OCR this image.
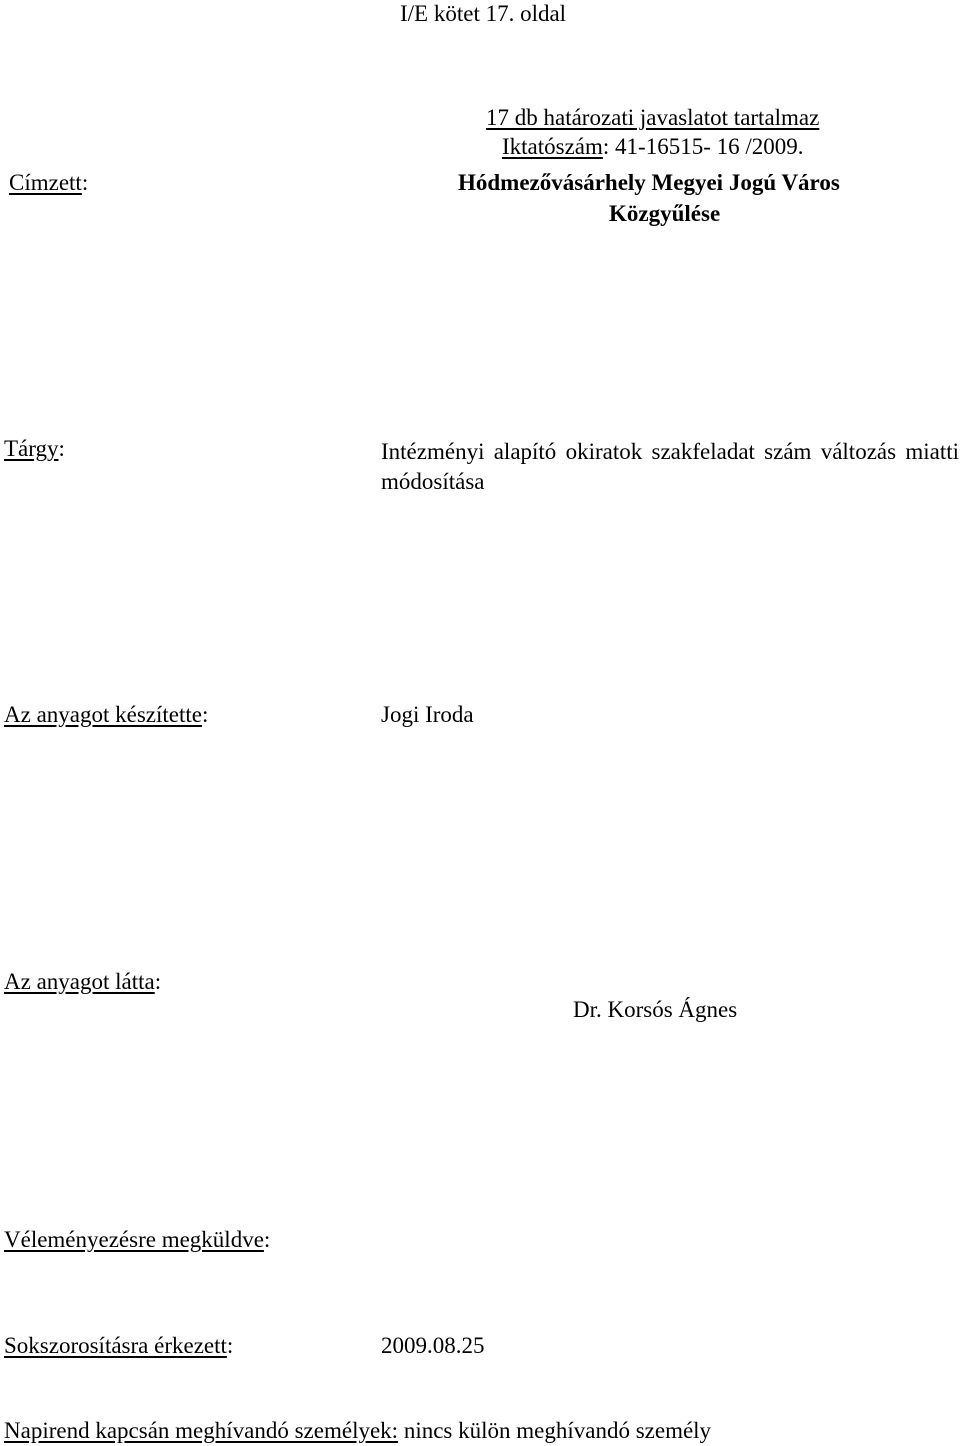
I/E kötet 17. oldal
17 db határozati javaslatot tartalmaz
Iktatószám: 41-16515- 16 /2009.
Címzett:	Hódmezővásárhely Megyei Jogú Város
Közgyűlése
Tárgy:	Intézményi alapító okiratok szakfeladat szám változás miatti módosítása
Az anyagot készítette:	Jogi Iroda
Az anyagot látta:
Dr. Korsós Ágnes
Véleményezésre megküldve:
Sokszorosításra érkezett:	2009.08.25
Napirend kapcsán meghívandó személyek: nincs külön meghívandó személy
